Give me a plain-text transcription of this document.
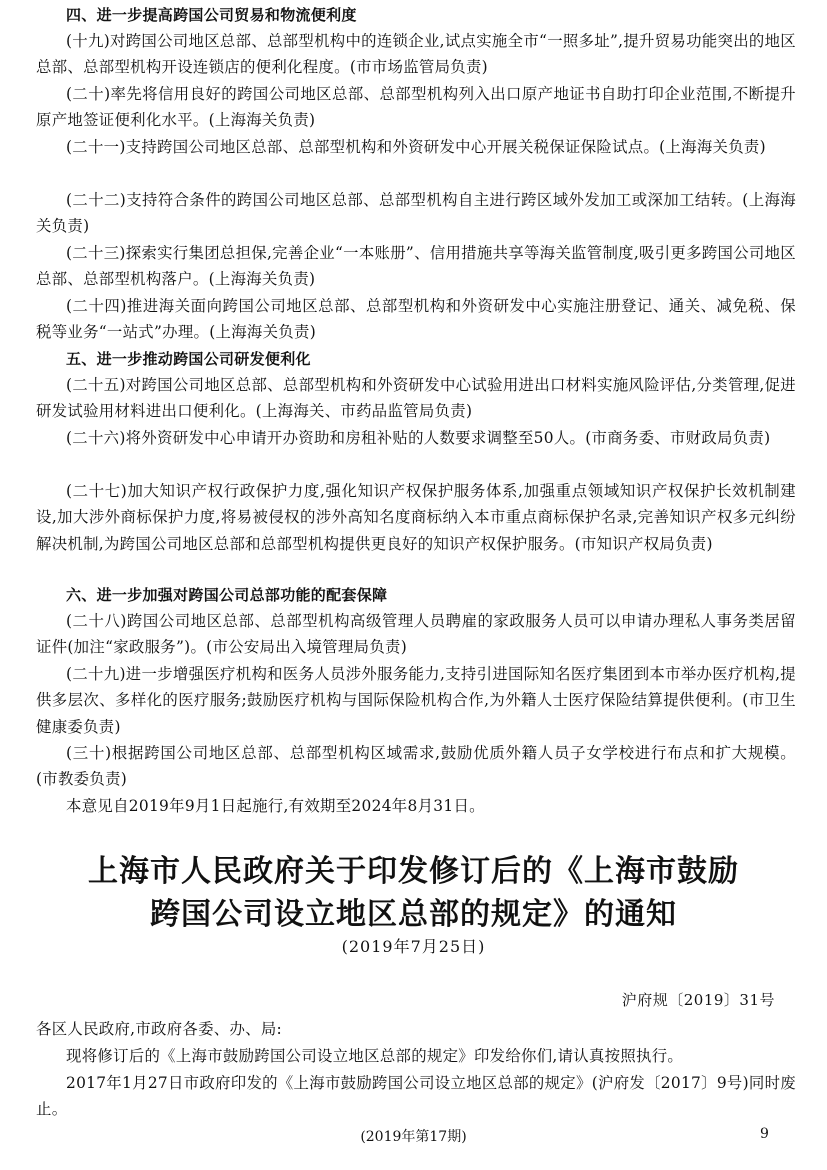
四、进一步提高跨国公司贸易和物流便利度

(十九)对跨国公司地区总部、总部型机构中的连锁企业,试点实施全市“一照多址”,提升贸易功能突出的地区总部、总部型机构开设连锁店的便利化程度。(市市场监管局负责)

(二十)率先将信用良好的跨国公司地区总部、总部型机构列入出口原产地证书自助打印企业范围,不断提升原产地签证便利化水平。(上海海关负责)

(二十一)支持跨国公司地区总部、总部型机构和外资研发中心开展关税保证保险试点。(上海海关负责)

(二十二)支持符合条件的跨国公司地区总部、总部型机构自主进行跨区域外发加工或深加工结转。(上海海关负责)

(二十三)探索实行集团总担保,完善企业“一本账册”、信用措施共享等海关监管制度,吸引更多跨国公司地区总部、总部型机构落户。(上海海关负责)

(二十四)推进海关面向跨国公司地区总部、总部型机构和外资研发中心实施注册登记、通关、减免税、保税等业务“一站式”办理。(上海海关负责)

五、进一步推动跨国公司研发便利化

(二十五)对跨国公司地区总部、总部型机构和外资研发中心试验用进出口材料实施风险评估,分类管理,促进研发试验用材料进出口便利化。(上海海关、市药品监管局负责)

(二十六)将外资研发中心申请开办资助和房租补贴的人数要求调整至50人。(市商务委、市财政局负责)

(二十七)加大知识产权行政保护力度,强化知识产权保护服务体系,加强重点领域知识产权保护长效机制建设,加大涉外商标保护力度,将易被侵权的涉外高知名度商标纳入本市重点商标保护名录,完善知识产权多元纠纷解决机制,为跨国公司地区总部和总部型机构提供更良好的知识产权保护服务。(市知识产权局负责)

六、进一步加强对跨国公司总部功能的配套保障

(二十八)跨国公司地区总部、总部型机构高级管理人员聘雇的家政服务人员可以申请办理私人事务类居留证件(加注“家政服务”)。(市公安局出入境管理局负责)

(二十九)进一步增强医疗机构和医务人员涉外服务能力,支持引进国际知名医疗集团到本市举办医疗机构,提供多层次、多样化的医疗服务;鼓励医疗机构与国际保险机构合作,为外籍人士医疗保险结算提供便利。(市卫生健康委负责)

(三十)根据跨国公司地区总部、总部型机构区域需求,鼓励优质外籍人员子女学校进行布点和扩大规模。(市教委负责)

本意见自2019年9月1日起施行,有效期至2024年8月31日。

上海市人民政府关于印发修订后的《上海市鼓励
跨国公司设立地区总部的规定》的通知
(2019年7月25日)
沪府规〔2019〕31号

各区人民政府,市政府各委、办、局:

现将修订后的《上海市鼓励跨国公司设立地区总部的规定》印发给你们,请认真按照执行。

2017年1月27日市政府印发的《上海市鼓励跨国公司设立地区总部的规定》(沪府发〔2017〕9号)同时废止。

(2019年第17期)	9
